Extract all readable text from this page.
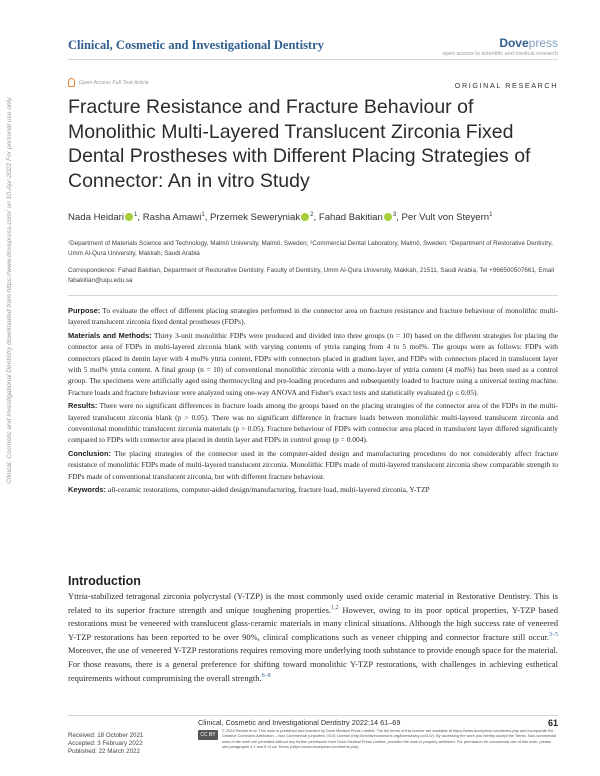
Clinical, Cosmetic and Investigational Dentistry downloaded from https://www.dovepress.com/ on 10-Apr-2022 For personal use only.
Clinical, Cosmetic and Investigational Dentistry	Dovepress
open access to scientific and medical research
Open Access Full Text Article	ORIGINAL RESEARCH
Fracture Resistance and Fracture Behaviour of Monolithic Multi-Layered Translucent Zirconia Fixed Dental Prostheses with Different Placing Strategies of Connector: An in vitro Study
Nada Heidari $^1$, Rasha Amawi$^1$, Przemek Seweryniak $^2$, Fahad Bakitian $^3$, Per Vult von Steyern$^1$
¹Department of Materials Science and Technology, Malmö University, Malmö, Sweden; ²Commercial Dental Laboratory, Malmö, Sweden; ³Department of Restorative Dentistry, Umm Al-Qura University, Makkah, Saudi Arabia
Correspondence: Fahad Bakitian, Department of Restorative Dentistry, Faculty of Dentistry, Umm Al-Qura University, Makkah, 21511, Saudi Arabia, Tel +966500507661, Email fabakitian@uqu.edu.sa

Purpose: To evaluate the effect of different placing strategies performed in the connector area on fracture resistance and fracture behaviour of monolithic multi-layered translucent zirconia fixed dental prostheses (FDPs).

Materials and Methods: Thirty 3-unit monolithic FDPs were produced and divided into three groups (n = 10) based on the different strategies for placing the connector area of FDPs in multi-layered zirconia blank with varying contents of yttria ranging from 4 to 5 mol%. The groups were as follows: FDPs with connectors placed in dentin layer with 4 mol% yttria content, FDPs with connectors placed in gradient layer, and FDPs with connectors placed in translucent layer with 5 mol% yttria content. A final group (n = 10) of conventional monolithic zirconia with a mono-layer of yttria content (4 mol%) has been used as a control group. The specimens were artificially aged using thermocycling and pre-loading procedures and subsequently loaded to fracture using a universal testing machine. Fracture loads and fracture behaviour were analyzed using one-way ANOVA and Fisher's exact tests and statistically evaluated (p ≤ 0.05).

Results: There were no significant differences in fracture loads among the groups based on the placing strategies of the connector area of the FDPs in the multi-layered translucent zirconia blank (p > 0.05). There was no significant difference in fracture loads between monolithic multi-layered translucent zirconia and conventional monolithic translucent zirconia materials (p > 0.05). Fracture behaviour of FDPs with connector area placed in translucent layer differed significantly compared to FDPs with connector area placed in dentin layer and FDPs in control group (p = 0.004).

Conclusion: The placing strategies of the connector used in the computer-aided design and manufacturing procedures do not considerably affect fracture resistance of monolithic FDPs made of multi-layered translucent zirconia. Monolithic FDPs made of multi-layered translucent zirconia show comparable strength to FDPs made of conventional translucent zirconia, but with different fracture behaviour.

Keywords: all-ceramic restorations, computer-aided design/manufacturing, fracture load, multi-layered zirconia, Y-TZP

Introduction
Yttria-stabilized tetragonal zirconia polycrystal (Y-TZP) is the most commonly used oxide ceramic material in Restorative Dentistry. This is related to its superior fracture strength and unique toughening properties.$^{1,2}$ However, owing to its poor optical properties, Y-TZP based restorations must be veneered with translucent glass-ceramic materials in many clinical situations. Although the high success rate of veneered Y-TZP restorations has been reported to be over 90%, clinical complications such as veneer chipping and connector fracture still occur.$^{3-5}$ Moreover, the use of veneered Y-TZP restorations requires removing more underlying tooth substance to provide enough space for the material. For those reasons, there is a general preference for shifting toward monolithic Y-TZP restorations, with challenges in achieving esthetical requirements without compromising the overall strength.$^{6-8}$
Received: 18 October 2021
Accepted: 3 February 2022
Published: 22 March 2022
Clinical, Cosmetic and Investigational Dentistry 2022:14 61–69	61
CC BY NC
© 2022 Heidari et al. This work is published and licensed by Dove Medical Press Limited. The full terms of this license are available at https://www.dovepress.com/terms.php and incorporate the Creative Commons Attribution – Non Commercial (unported, v3.0) License (http://creativecommons.org/licenses/by-nc/3.0/). By accessing the work you hereby accept the Terms. Non-commercial uses of the work are permitted without any further permission from Dove Medical Press Limited, provided the work is properly attributed. For permission for commercial use of this work, please see paragraphs 4.2 and 5 of our Terms (https://www.dovepress.com/terms.php).
